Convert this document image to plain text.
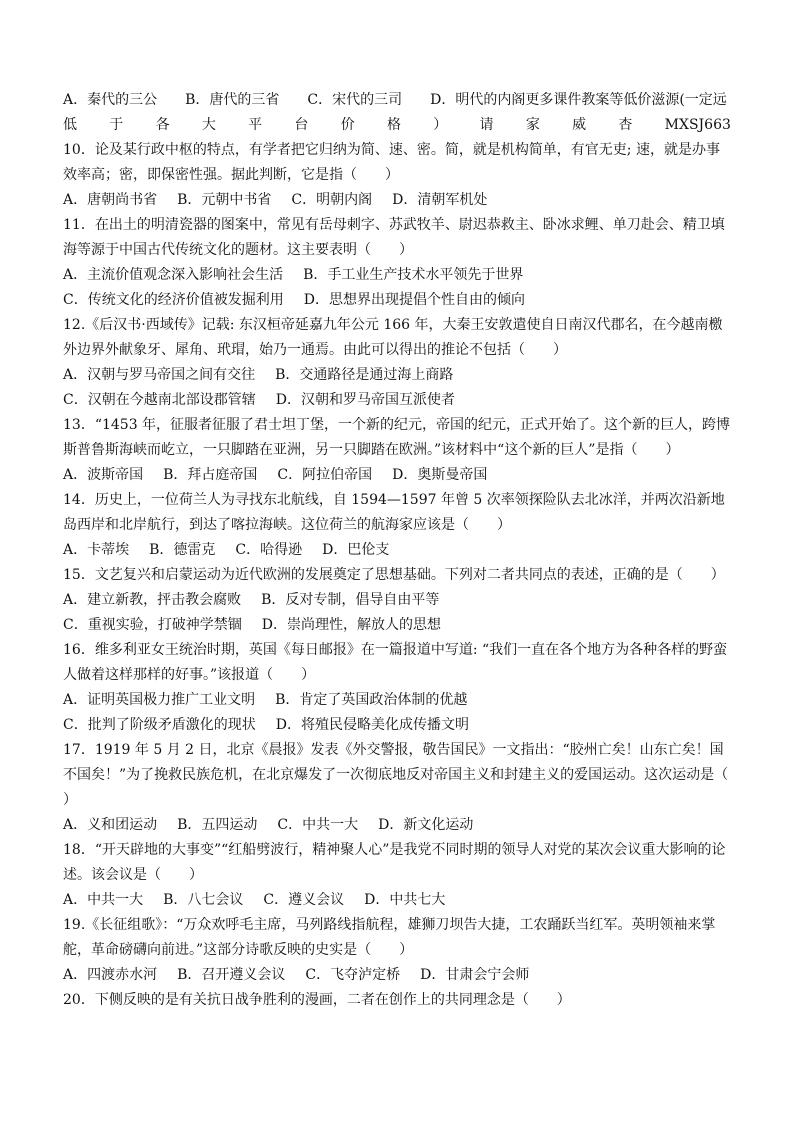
A．秦代的三公　　B．唐代的三省　　C．宋代的三司　　D．明代的内阁更多课件教案等低价滋源(一定远
低 于 各 大 平 台 价 格 ） 请 家 威 杏 MXSJ663
10．论及某行政中枢的特点，有学者把它归纳为简、速、密。简，就是机构简单，有官无吏; 速，就是办事效率高；密，即保密性强。据此判断，它是指（　　）
A．唐朝尚书省 B．元朝中书省 C．明朝内阁 D．清朝军机处
11．在出土的明清瓷器的图案中，常见有岳母刺字、苏武牧羊、尉迟恭救主、卧冰求鲤、单刀赴会、精卫填海等源于中国古代传统文化的题材。这主要表明（　　）
A．主流价值观念深入影响社会生活 B．手工业生产技术水平领先于世界
C．传统文化的经济价值被发掘利用 D．思想界出现提倡个性自由的倾向
12.《后汉书·西域传》记载: 东汉桓帝延嘉九年公元 166 年，大秦王安敦遣使自日南汉代郡名，在今越南檄外边界外献象牙、犀角、玳瑁，始乃一通焉。由此可以得出的推论不包括（　　）
A．汉朝与罗马帝国之间有交往 B．交通路径是通过海上商路
C．汉朝在今越南北部设郡管辖 D．汉朝和罗马帝国互派使者
13．“1453 年，征服者征服了君士坦丁堡，一个新的纪元，帝国的纪元，正式开始了。这个新的巨人，跨博斯普鲁斯海峡而屹立，一只脚踏在亚洲，另一只脚踏在欧洲。”该材料中“这个新的巨人”是指（　　）
A．波斯帝国 B．拜占庭帝国 C．阿拉伯帝国 D．奥斯曼帝国
14．历史上，一位荷兰人为寻找东北航线，自 1594—1597 年曾 5 次率领探险队去北冰洋，并两次沿新地岛西岸和北岸航行，到达了喀拉海峡。这位荷兰的航海家应该是（　　）
A．卡蒂埃 B．德雷克 C．哈得逊 D．巴伦支
15．文艺复兴和启蒙运动为近代欧洲的发展奠定了思想基础。下列对二者共同点的表述，正确的是（　　）
A．建立新教，抨击教会腐败 B．反对专制，倡导自由平等
C．重视实验，打破神学禁锢 D．崇尚理性，解放人的思想
16．维多利亚女王统治时期，英国《每日邮报》在一篇报道中写道: “我们一直在各个地方为各种各样的野蛮人做着这样那样的好事。”该报道（　　）
A．证明英国极力推广工业文明 B．肯定了英国政治体制的优越
C．批判了阶级矛盾激化的现状 D．将殖民侵略美化成传播文明
17．1919 年 5 月 2 日，北京《晨报》发表《外交警报，敬告国民》一文指出：“胶州亡矣！山东亡矣！国不国矣！”为了挽救民族危机，在北京爆发了一次彻底地反对帝国主义和封建主义的爱国运动。这次运动是（　　）
A．义和团运动 B．五四运动 C．中共一大 D．新文化运动
18．“开天辟地的大事变”“红船劈波行，精神聚人心”是我党不同时期的领导人对党的某次会议重大影响的论述。该会议是（　　）
A．中共一大 B．八七会议 C．遵义会议 D．中共七大
19.《长征组歌》：“万众欢呼毛主席，马列路线指航程，雄狮刀坝告大捷，工农踊跃当红军。英明领袖来掌舵，革命磅礴向前进。”这部分诗歌反映的史实是（　　）
A．四渡赤水河 B．召开遵义会议 C．飞夺泸定桥 D．甘肃会宁会师
20．下侧反映的是有关抗日战争胜利的漫画，二者在创作上的共同理念是（　　）
